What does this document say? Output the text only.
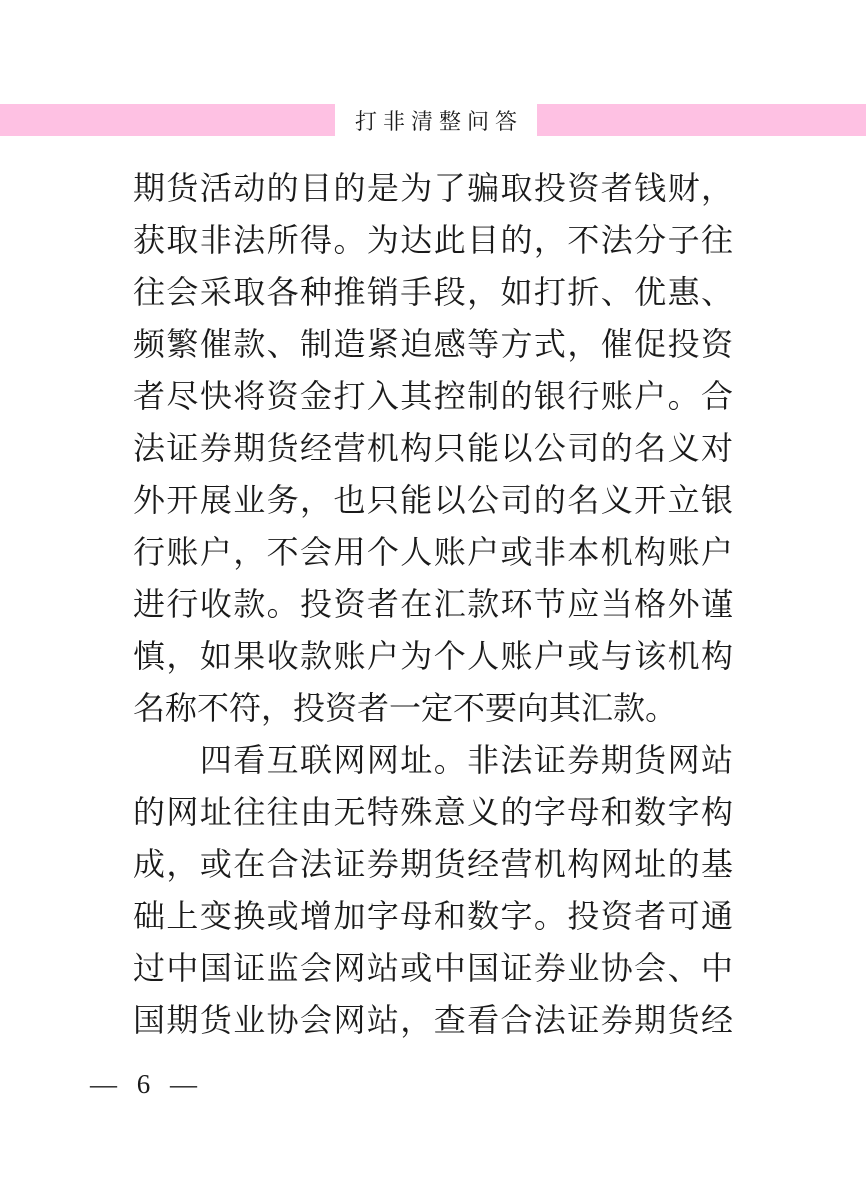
打非清整问答
期货活动的目的是为了骗取投资者钱财，
获取非法所得。为达此目的，不法分子往
往会采取各种推销手段，如打折、优惠、
频繁催款、制造紧迫感等方式，催促投资
者尽快将资金打入其控制的银行账户。合
法证券期货经营机构只能以公司的名义对
外开展业务，也只能以公司的名义开立银
行账户，不会用个人账户或非本机构账户
进行收款。投资者在汇款环节应当格外谨
慎，如果收款账户为个人账户或与该机构
名称不符，投资者一定不要向其汇款。
　　四看互联网网址。非法证券期货网站
的网址往往由无特殊意义的字母和数字构
成，或在合法证券期货经营机构网址的基
础上变换或增加字母和数字。投资者可通
过中国证监会网站或中国证券业协会、中
国期货业协会网站，查看合法证券期货经
— 6 —
